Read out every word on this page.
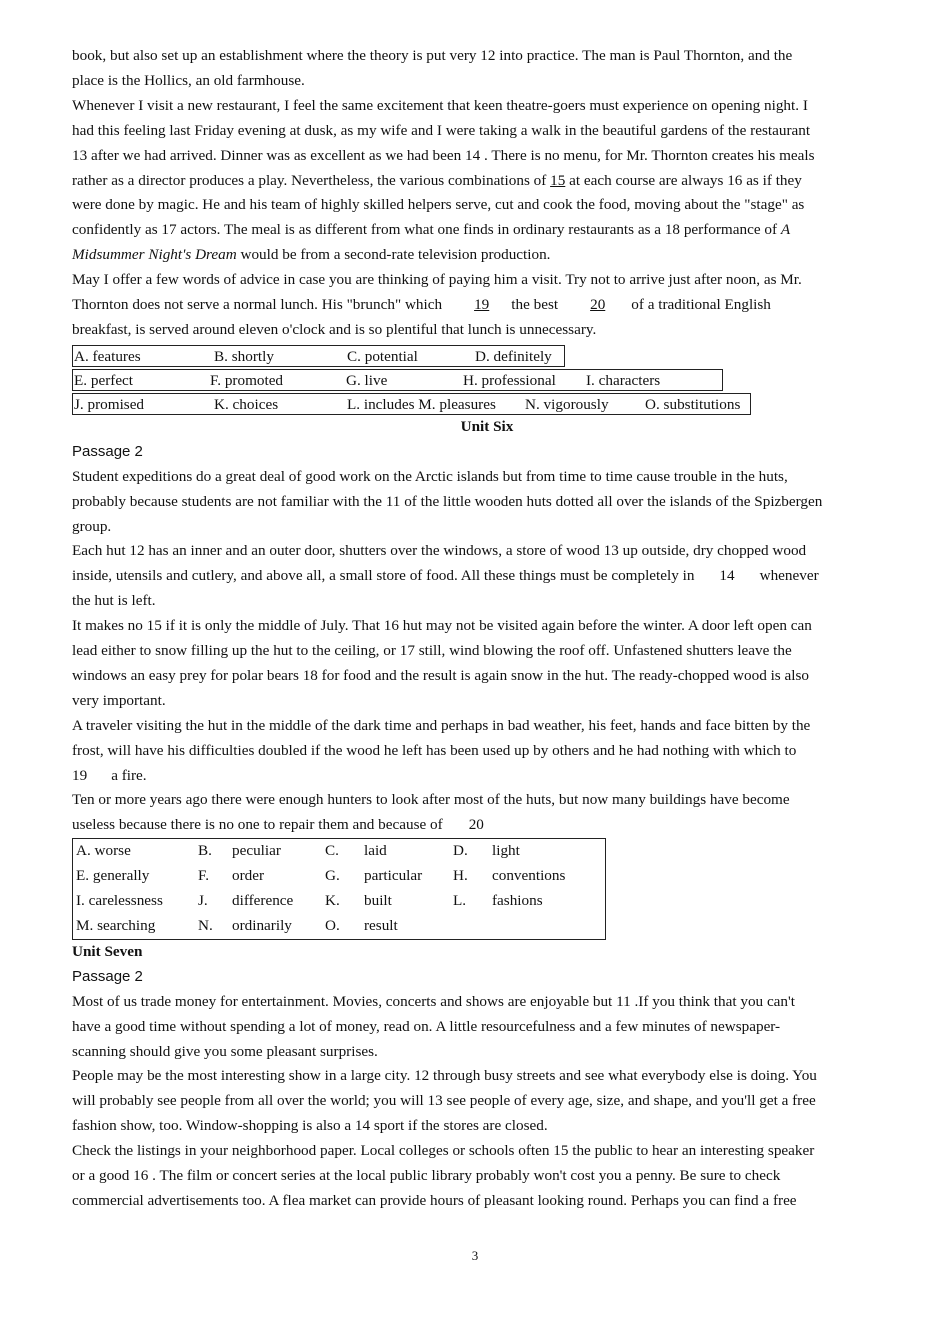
book, but also set up an establishment where the theory is put very 12 into practice. The man is Paul Thornton, and the

place is the Hollics, an old farmhouse.

Whenever I visit a new restaurant, I feel the same excitement that keen theatre-goers must experience on opening night. I

had this feeling last Friday evening at dusk, as my wife and I were taking a walk in the beautiful gardens of the restaurant

13 after we had arrived. Dinner was as excellent as we had been 14 . There is no menu, for Mr. Thornton creates his meals

rather as a director produces a play. Nevertheless, the various combinations of 15 at each course are always 16 as if they

were done by magic. He and his team of highly skilled helpers serve, cut and cook the food, moving about the "stage" as

confidently as 17 actors. The meal is as different from what one finds in ordinary restaurants as a 18 performance of A

Midsummer Night's Dream would be from a second-rate television production.

May I offer a few words of advice in case you are thinking of paying him a visit. Try not to arrive just after noon, as Mr.

Thornton does not serve a normal lunch. His "brunch" which 19 the best 20 of a traditional English

breakfast, is served around eleven o'clock and is so plentiful that lunch is unnecessary.

A. features	B. shortly	C. potential	D. definitely
E. perfect	F. promoted	G. live	H. professional I. characters
J. promised	K. choices	L. includes M. pleasures N. vigorously O. substitutions

Unit Six

Passage 2

Student expeditions do a great deal of good work on the Arctic islands but from time to time cause trouble in the huts,

probably because students are not familiar with the 11 of the little wooden huts dotted all over the islands of the Spizbergen

group.

Each hut 12 has an inner and an outer door, shutters over the windows, a store of wood 13 up outside, dry chopped wood

inside, utensils and cutlery, and above all, a small store of food. All these things must be completely in 14 whenever

the hut is left.

It makes no 15 if it is only the middle of July. That 16 hut may not be visited again before the winter. A door left open can

lead either to snow filling up the hut to the ceiling, or 17 still, wind blowing the roof off. Unfastened shutters leave the

windows an easy prey for polar bears 18 for food and the result is again snow in the hut. The ready-chopped wood is also

very important.

A traveler visiting the hut in the middle of the dark time and perhaps in bad weather, his feet, hands and face bitten by the

frost, will have his difficulties doubled if the wood he left has been used up by others and he had nothing with which to

19 a fire.

Ten or more years ago there were enough hunters to look after most of the huts, but now many buildings have become

useless because there is no one to repair them and because of 20

A. worse	B.	peculiar	C.	laid	D.	light
E. generally	F.	order	G.	particular	H.	conventions
I. carelessness	J.	difference	K.	built	L.	fashions
M. searching	N.	ordinarily	O.	result		

Unit Seven

Passage 2

Most of us trade money for entertainment. Movies, concerts and shows are enjoyable but 11 .If you think that you can't

have a good time without spending a lot of money, read on. A little resourcefulness and a few minutes of newspaper-

scanning should give you some pleasant surprises.

People may be the most interesting show in a large city. 12 through busy streets and see what everybody else is doing. You

will probably see people from all over the world; you will 13 see people of every age, size, and shape, and you'll get a free

fashion show, too. Window-shopping is also a 14 sport if the stores are closed.

Check the listings in your neighborhood paper. Local colleges or schools often 15 the public to hear an interesting speaker

or a good 16 . The film or concert series at the local public library probably won't cost you a penny. Be sure to check

commercial advertisements too. A flea market can provide hours of pleasant looking round. Perhaps you can find a free

3
